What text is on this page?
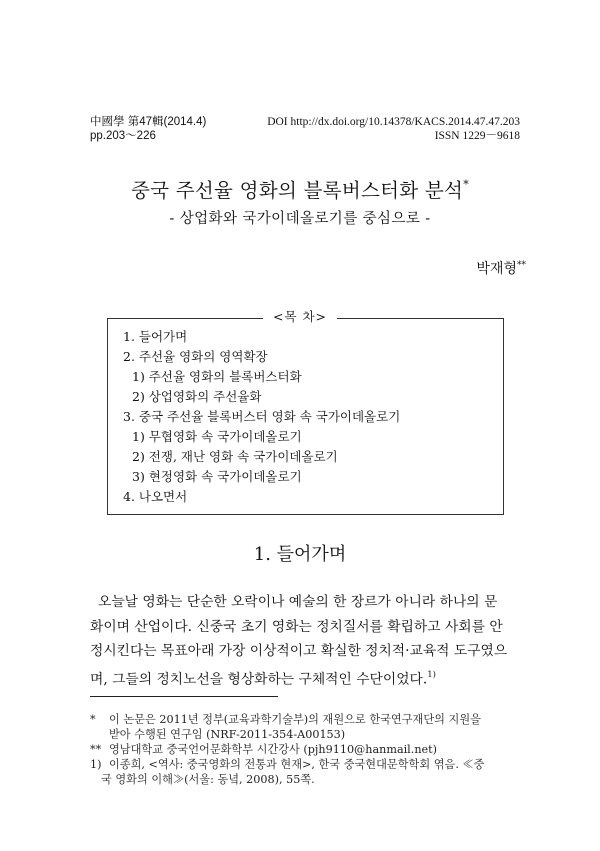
中國學 第47輯(2014.4)
pp.203～226
DOI http://dx.doi.org/10.14378/KACS.2014.47.47.203
ISSN 1229－9618
중국 주선율 영화의 블록버스터화 분석*
- 상업화와 국가이데올로기를 중심으로 -
박재형**
<목 차>
1. 들어가며
2. 주선율 영화의 영역확장
1) 주선율 영화의 블록버스터화
2) 상업영화의 주선율화
3. 중국 주선율 블록버스터 영화 속 국가이데올로기
1) 무협영화 속 국가이데올로기
2) 전쟁, 재난 영화 속 국가이데올로기
3) 현정영화 속 국가이데올로기
4. 나오면서
1. 들어가며
오늘날 영화는 단순한 오락이나 예술의 한 장르가 아니라 하나의 문
화이며 산업이다. 신중국 초기 영화는 정치질서를 확립하고 사회를 안
정시킨다는 목표아래 가장 이상적이고 확실한 정치적·교육적 도구였으
며, 그들의 정치노선을 형상화하는 구체적인 수단이었다.$^{1)}$
* 이 논문은 2011년 정부(교육과학기술부)의 재원으로 한국연구재단의 지원을
받아 수행된 연구임 (NRF-2011-354-A00153)
** 영남대학교 중국언어문화학부 시간강사 (pjh9110@hanmail.net)
1) 이종희, <역사: 중국영화의 전통과 현재>, 한국 중국현대문학학회 엮음. ≪중
국 영화의 이해≫(서울: 동녘, 2008), 55쪽.
